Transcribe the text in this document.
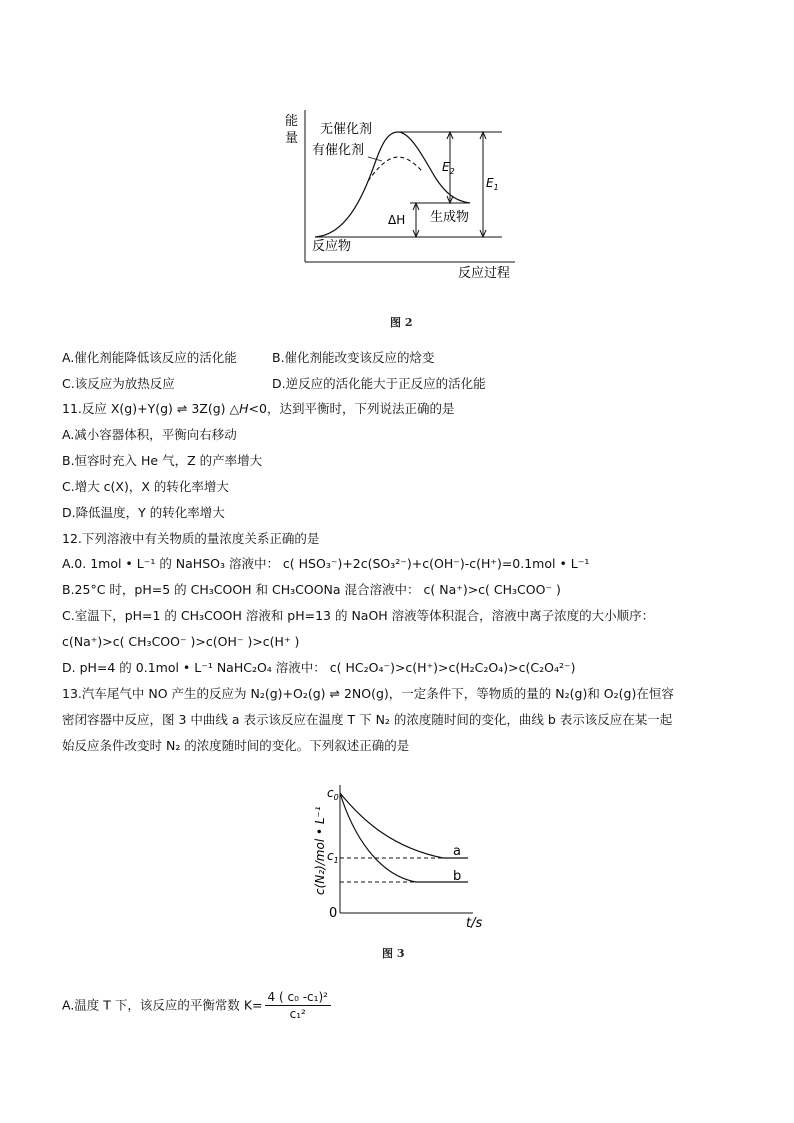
能
量
反应过程
$E_2$
$E_1$
ΔH
无催化剂
有催化剂
生成物
反应物
图 2
A.催化剂能降低该反应的活化能	B.催化剂能改变该反应的焓变
C.该反应为放热反应	D.逆反应的活化能大于正反应的活化能
11.反应 X(g)+Y(g) ⇌ 3Z(g) △H<0，达到平衡时，下列说法正确的是
A.减小容器体积，平衡向右移动
B.恒容时充入 He 气，Z 的产率增大
C.增大 c(X)，X 的转化率增大
D.降低温度，Y 的转化率增大
12.下列溶液中有关物质的量浓度关系正确的是
A.0. 1mol • L⁻¹ 的 NaHSO₃ 溶液中： c( HSO₃⁻)+2c(SO₃²⁻)+c(OH⁻)-c(H⁺)=0.1mol • L⁻¹
B.25°C 时，pH=5 的 CH₃COOH 和 CH₃COONa 混合溶液中： c( Na⁺)>c( CH₃COO⁻ )
C.室温下，pH=1 的 CH₃COOH 溶液和 pH=13 的 NaOH 溶液等体积混合，溶液中离子浓度的大小顺序：
c(Na⁺)>c( CH₃COO⁻ )>c(OH⁻ )>c(H⁺ )
D. pH=4 的 0.1mol • L⁻¹ NaHC₂O₄ 溶液中： c( HC₂O₄⁻)>c(H⁺)>c(H₂C₂O₄)>c(C₂O₄²⁻)
13.汽车尾气中 NO 产生的反应为 N₂(g)+O₂(g) ⇌ 2NO(g)，一定条件下，等物质的量的 N₂(g)和 O₂(g)在恒容
密闭容器中反应，图 3 中曲线 a 表示该反应在温度 T 下 N₂ 的浓度随时间的变化，曲线 b 表示该反应在某一起
始反应条件改变时 N₂ 的浓度随时间的变化。下列叙述正确的是
c(N₂)/mol • L⁻¹
t/s
0
$c_0$
$c_1$
a
b
图 3
A.温度 T 下，该反应的平衡常数 $K= \frac{\text{4 ( c₀ -c₁)²}}{\text{c₁²}}$
